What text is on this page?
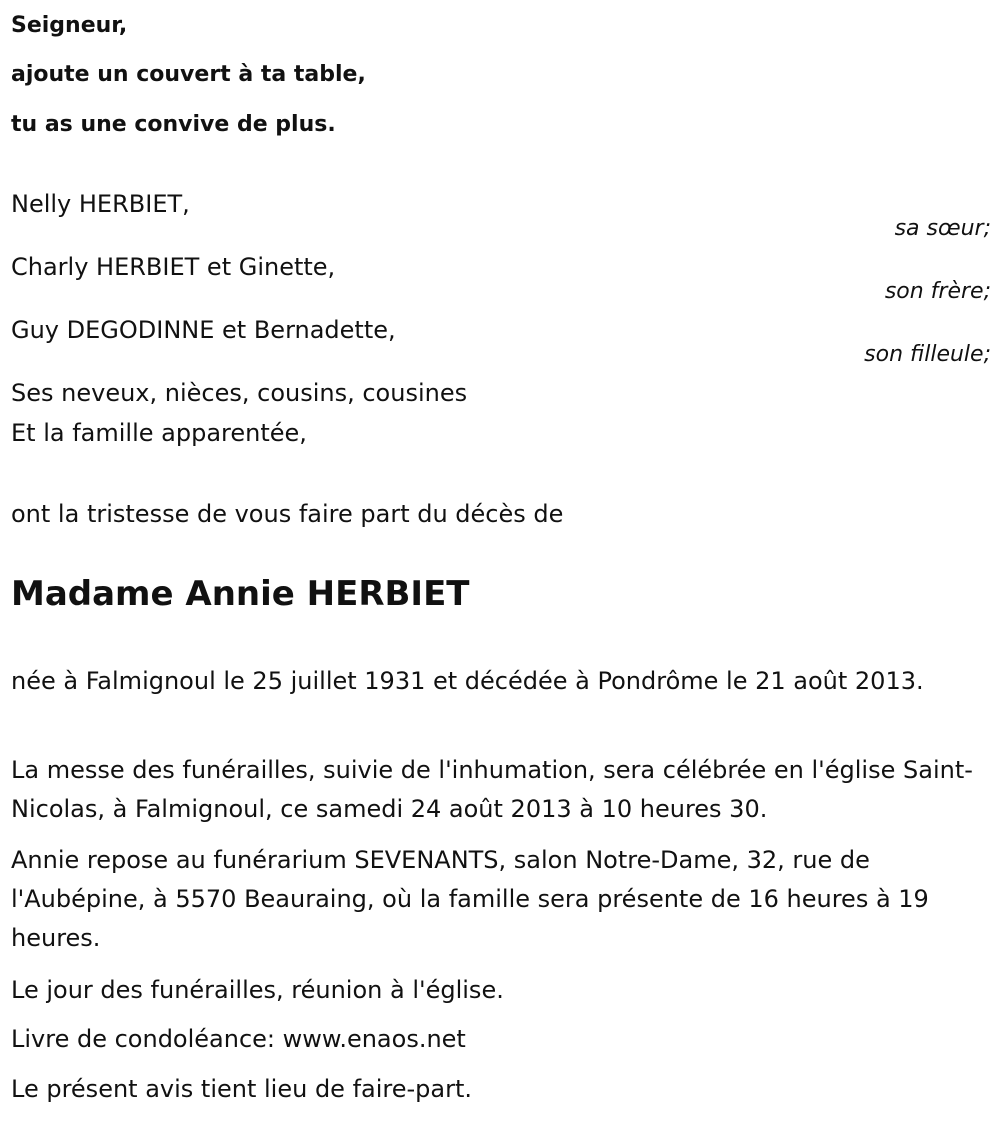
Seigneur,
ajoute un couvert à ta table,
tu as une convive de plus.
Nelly HERBIET,
sa sœur;
Charly HERBIET et Ginette,
son frère;
Guy DEGODINNE et Bernadette,
son filleule;
Ses neveux, nièces, cousins, cousines
Et la famille apparentée,
ont la tristesse de vous faire part du décès de
Madame Annie HERBIET
née à Falmignoul le 25 juillet 1931 et décédée à Pondrôme le 21 août 2013.
La messe des funérailles, suivie de l'inhumation, sera célébrée en l'église Saint-Nicolas, à Falmignoul, ce samedi 24 août 2013 à 10 heures 30.
Annie repose au funérarium SEVENANTS, salon Notre-Dame, 32, rue de l'Aubépine, à 5570 Beauraing, où la famille sera présente de 16 heures à 19 heures.
Le jour des funérailles, réunion à l'église.
Livre de condoléance: www.enaos.net
Le présent avis tient lieu de faire-part.
